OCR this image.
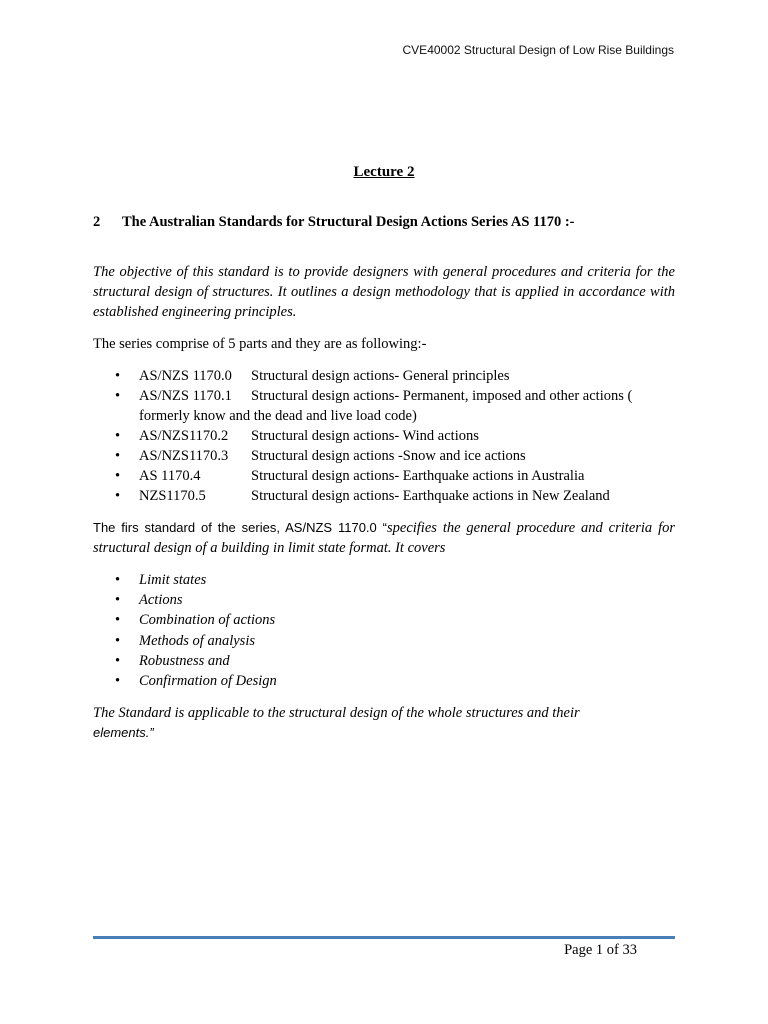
CVE40002 Structural Design of Low Rise Buildings
Lecture 2
2 The Australian Standards for Structural Design Actions Series AS 1170 :-

The objective of this standard is to provide designers with general procedures and criteria for the structural design of structures. It outlines a design methodology that is applied in accordance with established engineering principles.

The series comprise of 5 parts and they are as following:-

• AS/NZS 1170.0 Structural design actions- General principles
• AS/NZS 1170.1 Structural design actions- Permanent, imposed and other actions ( formerly know and the dead and live load code)
• AS/NZS1170.2 Structural design actions- Wind actions
• AS/NZS1170.3 Structural design actions -Snow and ice actions
• AS 1170.4	Structural design actions- Earthquake actions in Australia
• NZS1170.5	Structural design actions- Earthquake actions in New Zealand

The firs standard of the series, AS/NZS 1170.0 “specifies the general procedure and criteria for structural design of a building in limit state format. It covers

• Limit states
• Actions
• Combination of actions
• Methods of analysis
• Robustness and
• Confirmation of Design

The Standard is applicable to the structural design of the whole structures and their
elements.”

Page 1 of 33
